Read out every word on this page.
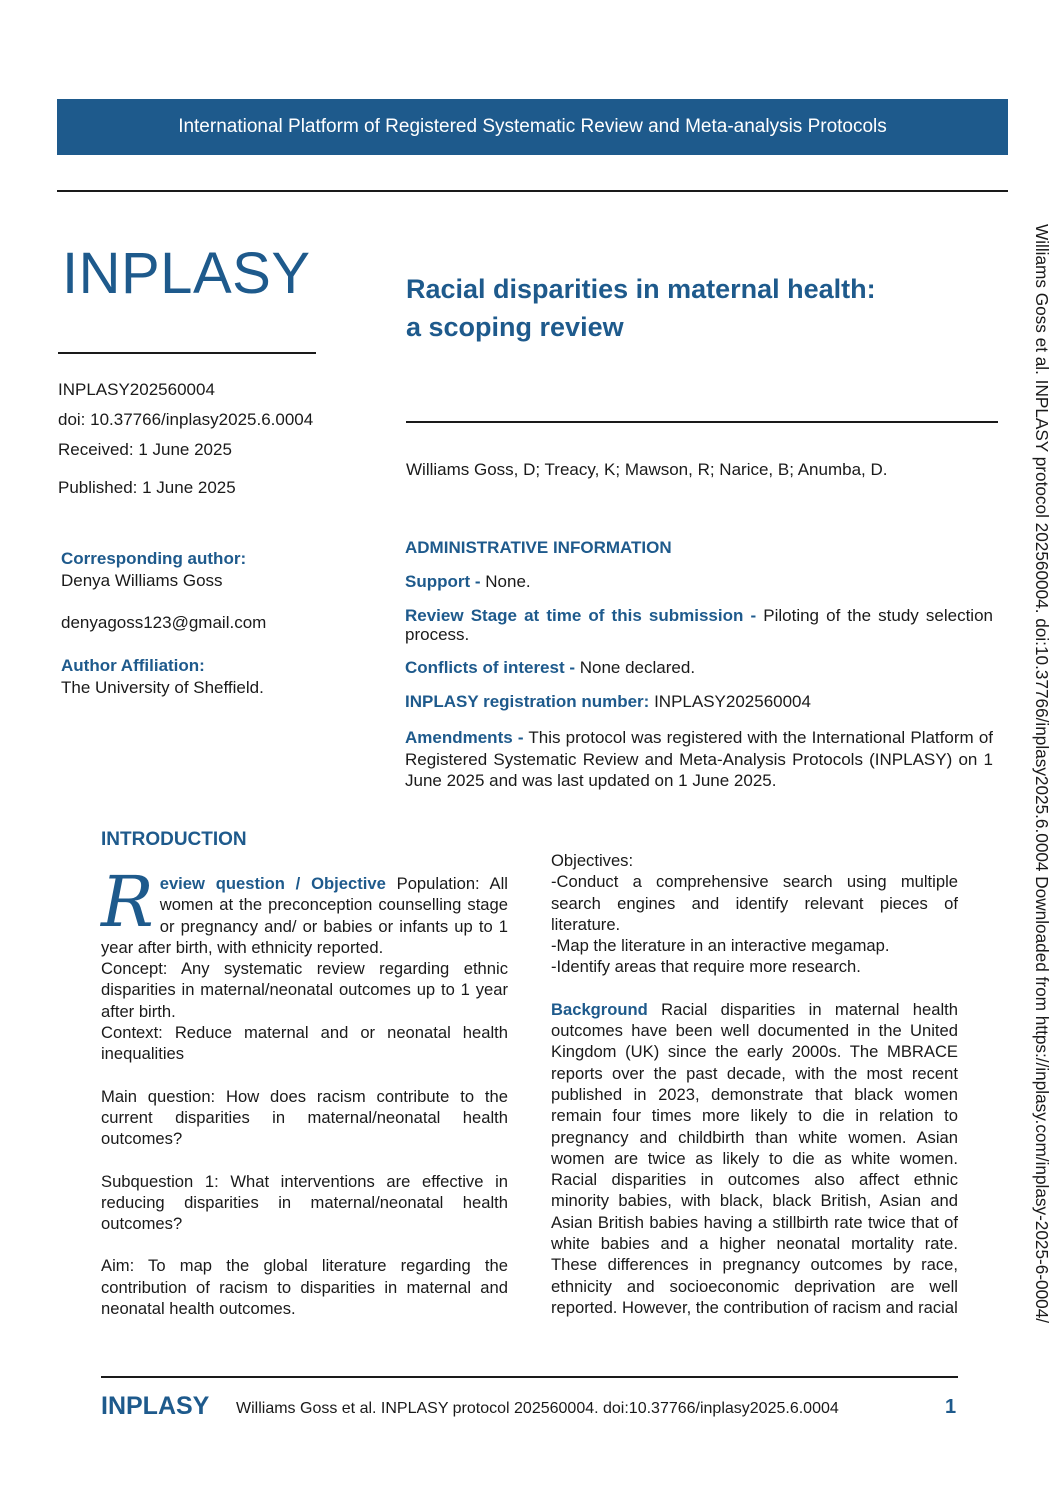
International Platform of Registered Systematic Review and Meta-analysis Protocols
INPLASY	Racial disparities in maternal health:
a scoping review
INPLASY202560004
doi: 10.37766/inplasy2025.6.0004
Received: 1 June 2025
Published: 1 June 2025
Williams Goss, D; Treacy, K; Mawson, R; Narice, B; Anumba, D.
Corresponding author:
Denya Williams Goss
denyagoss123@gmail.com
Author Affiliation:
The University of Sheffield.
ADMINISTRATIVE INFORMATION
Support - None.
Review Stage at time of this submission - Piloting of the study selection process.
Conflicts of interest - None declared.
INPLASY registration number: INPLASY202560004
Amendments - This protocol was registered with the International Platform of Registered Systematic Review and Meta-Analysis Protocols (INPLASY) on 1 June 2025 and was last updated on 1 June 2025.
INTRODUCTION

Review question / Objective Population: All women at the preconception counselling stage or pregnancy and/ or babies or infants up to 1 year after birth, with ethnicity reported.

Concept: Any systematic review regarding ethnic disparities in maternal/neonatal outcomes up to 1 year after birth.

Context: Reduce maternal and or neonatal health inequalities

Main question: How does racism contribute to the current disparities in maternal/neonatal health outcomes?

Subquestion 1: What interventions are effective in reducing disparities in maternal/neonatal health outcomes?

Aim: To map the global literature regarding the contribution of racism to disparities in maternal and neonatal health outcomes.

Objectives:

-Conduct a comprehensive search using multiple search engines and identify relevant pieces of literature.

-Map the literature in an interactive megamap.

-Identify areas that require more research.

Background Racial disparities in maternal health outcomes have been well documented in the United Kingdom (UK) since the early 2000s. The MBRACE reports over the past decade, with the most recent published in 2023, demonstrate that black women remain four times more likely to die in relation to pregnancy and childbirth than white women. Asian women are twice as likely to die as white women. Racial disparities in outcomes also affect ethnic minority babies, with black, black British, Asian and Asian British babies having a stillbirth rate twice that of white babies and a higher neonatal mortality rate. These differences in pregnancy outcomes by race, ethnicity and socioeconomic deprivation are well reported. However, the contribution of racism and racial	Williams Goss et al. INPLASY protocol 202560004. doi:10.37766/inplasy2025.6.0004 Downloaded from https://inplasy.com/inplasy-2025-6-0004/
INPLASY Williams Goss et al. INPLASY protocol 202560004. doi:10.37766/inplasy2025.6.0004	1
